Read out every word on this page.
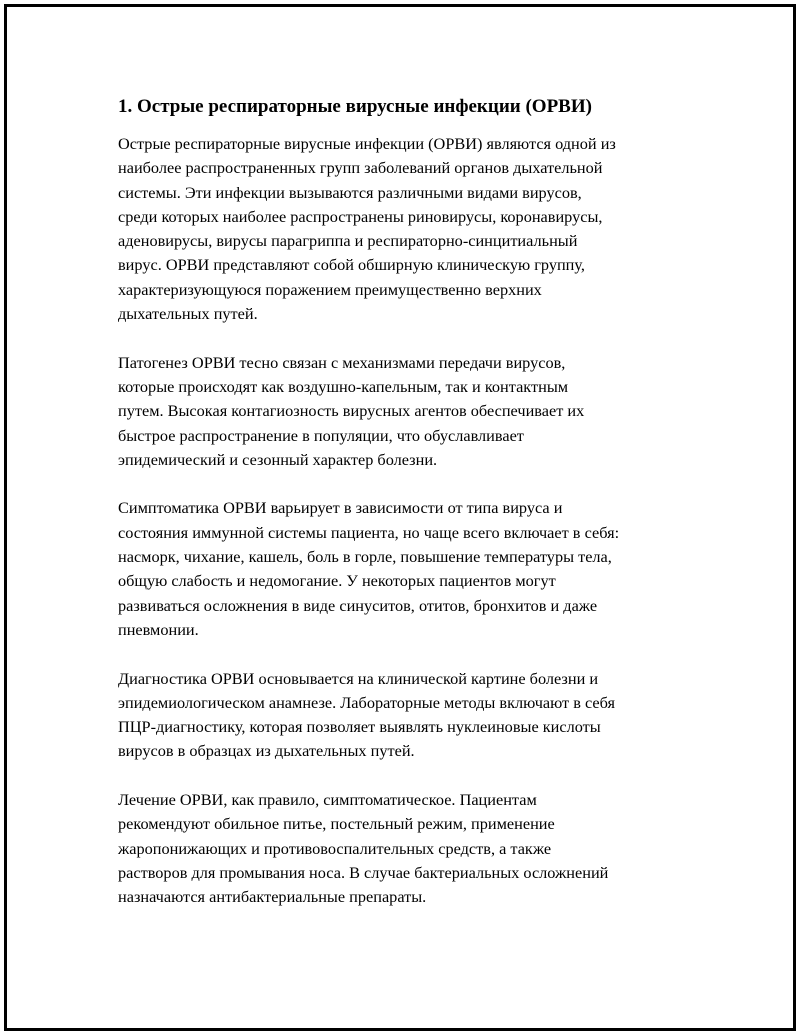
1. Острые респираторные вирусные инфекции (ОРВИ)

Острые респираторные вирусные инфекции (ОРВИ) являются одной из
наиболее распространенных групп заболеваний органов дыхательной
системы. Эти инфекции вызываются различными видами вирусов,
среди которых наиболее распространены риновирусы, коронавирусы,
аденовирусы, вирусы парагриппа и респираторно-синцитиальный
вирус. ОРВИ представляют собой обширную клиническую группу,
характеризующуюся поражением преимущественно верхних
дыхательных путей.

Патогенез ОРВИ тесно связан с механизмами передачи вирусов,
которые происходят как воздушно-капельным, так и контактным
путем. Высокая контагиозность вирусных агентов обеспечивает их
быстрое распространение в популяции, что обуславливает
эпидемический и сезонный характер болезни.

Симптоматика ОРВИ варьирует в зависимости от типа вируса и
состояния иммунной системы пациента, но чаще всего включает в себя:
насморк, чихание, кашель, боль в горле, повышение температуры тела,
общую слабость и недомогание. У некоторых пациентов могут
развиваться осложнения в виде синуситов, отитов, бронхитов и даже
пневмонии.

Диагностика ОРВИ основывается на клинической картине болезни и
эпидемиологическом анамнезе. Лабораторные методы включают в себя
ПЦР-диагностику, которая позволяет выявлять нуклеиновые кислоты
вирусов в образцах из дыхательных путей.

Лечение ОРВИ, как правило, симптоматическое. Пациентам
рекомендуют обильное питье, постельный режим, применение
жаропонижающих и противовоспалительных средств, а также
растворов для промывания носа. В случае бактериальных осложнений
назначаются антибактериальные препараты.
